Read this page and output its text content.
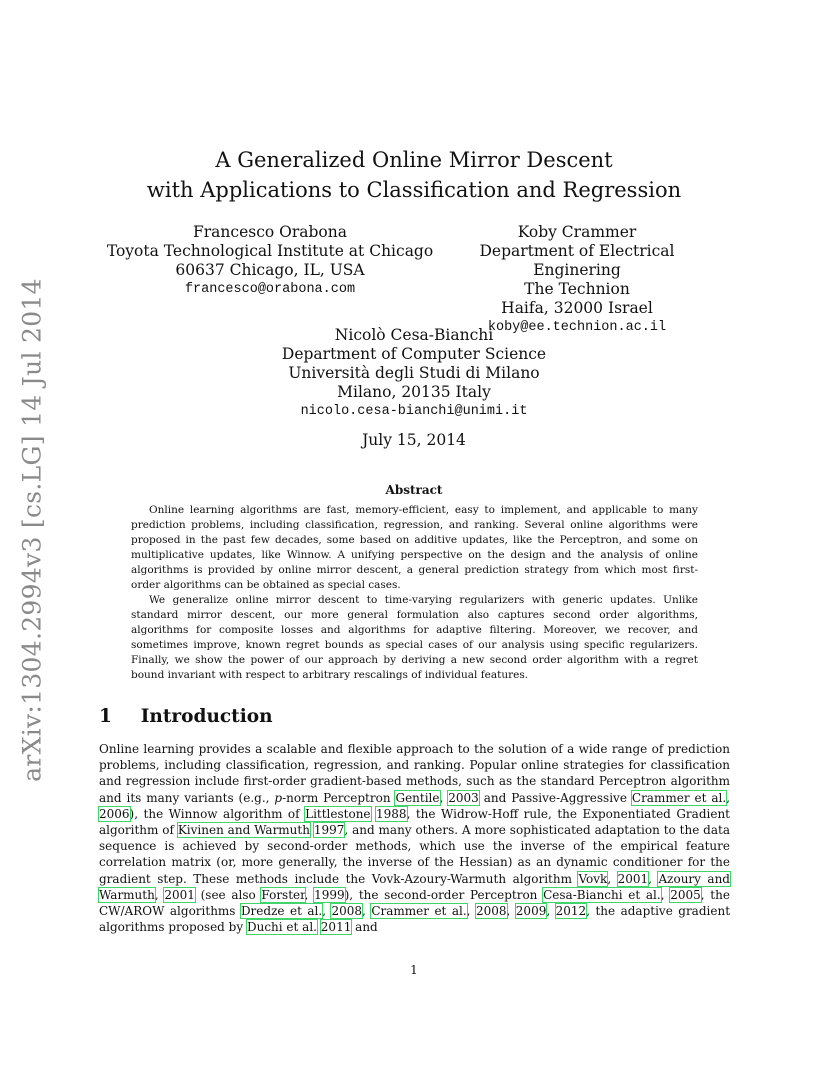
arXiv:1304.2994v3 [cs.LG] 14 Jul 2014
A Generalized Online Mirror Descent
with Applications to Classification and Regression
Francesco Orabona
Toyota Technological Institute at Chicago
60637 Chicago, IL, USA
francesco@orabona.com
Koby Crammer
Department of Electrical Enginering
The Technion
Haifa, 32000 Israel
koby@ee.technion.ac.il
Nicolò Cesa-Bianchi
Department of Computer Science
Università degli Studi di Milano
Milano, 20135 Italy
nicolo.cesa-bianchi@unimi.it
July 15, 2014
Abstract

Online learning algorithms are fast, memory-efficient, easy to implement, and applicable to many prediction problems, including classification, regression, and ranking. Several online algorithms were proposed in the past few decades, some based on additive updates, like the Perceptron, and some on multiplicative updates, like Winnow. A unifying perspective on the design and the analysis of online algorithms is provided by online mirror descent, a general prediction strategy from which most first-order algorithms can be obtained as special cases.

We generalize online mirror descent to time-varying regularizers with generic updates. Unlike standard mirror descent, our more general formulation also captures second order algorithms, algorithms for composite losses and algorithms for adaptive filtering. Moreover, we recover, and sometimes improve, known regret bounds as special cases of our analysis using specific regularizers. Finally, we show the power of our approach by deriving a new second order algorithm with a regret bound invariant with respect to arbitrary rescalings of individual features.

1 Introduction

Online learning provides a scalable and flexible approach to the solution of a wide range of prediction problems, including classification, regression, and ranking. Popular online strategies for classification and regression include first-order gradient-based methods, such as the standard Perceptron algorithm and its many variants (e.g., p-norm Perceptron Gentile, 2003 and Passive-Aggressive Crammer et al., 2006), the Winnow algorithm of Littlestone 1988, the Widrow-Hoff rule, the Exponentiated Gradient algorithm of Kivinen and Warmuth 1997, and many others. A more sophisticated adaptation to the data sequence is achieved by second-order methods, which use the inverse of the empirical feature correlation matrix (or, more generally, the inverse of the Hessian) as an dynamic conditioner for the gradient step. These methods include the Vovk-Azoury-Warmuth algorithm Vovk, 2001, Azoury and Warmuth, 2001 (see also Forster, 1999), the second-order Perceptron Cesa-Bianchi et al., 2005, the CW/AROW algorithms Dredze et al., 2008, Crammer et al., 2008, 2009, 2012, the adaptive gradient algorithms proposed by Duchi et al. 2011 and

1
